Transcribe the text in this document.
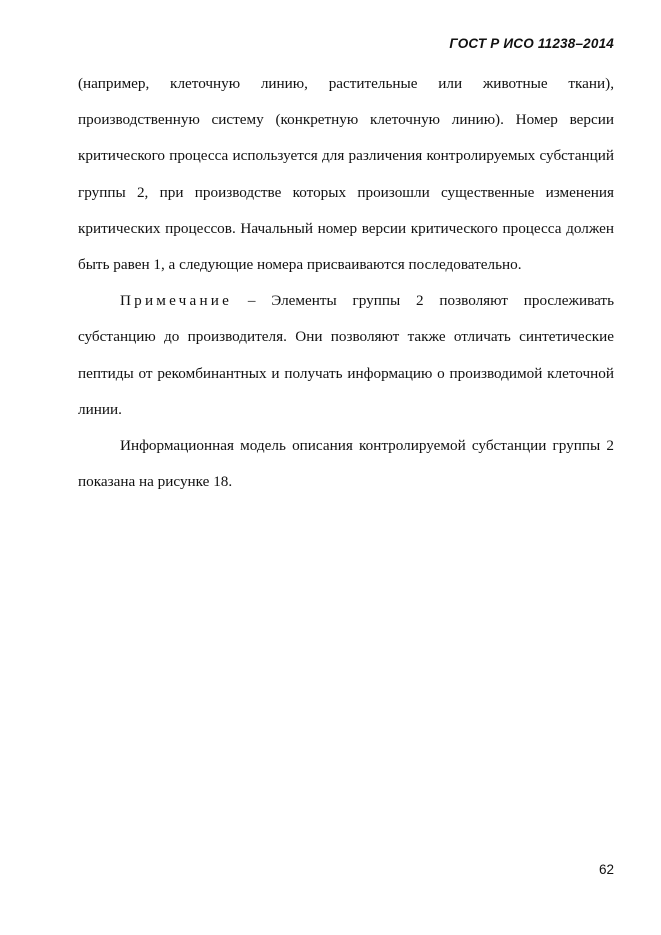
ГОСТ Р ИСО 11238–2014

(например, клеточную линию, растительные или животные ткани), производственную систему (конкретную клеточную линию). Номер версии критического процесса используется для различения контролируемых субстанций группы 2, при производстве которых произошли существенные изменения критических процессов. Начальный номер версии критического процесса должен быть равен 1, а следующие номера присваиваются последовательно.

Примечание – Элементы группы 2 позволяют прослеживать субстанцию до производителя. Они позволяют также отличать синтетические пептиды от рекомбинантных и получать информацию о производимой клеточной линии.

Информационная модель описания контролируемой субстанции группы 2 показана на рисунке 18.

62
